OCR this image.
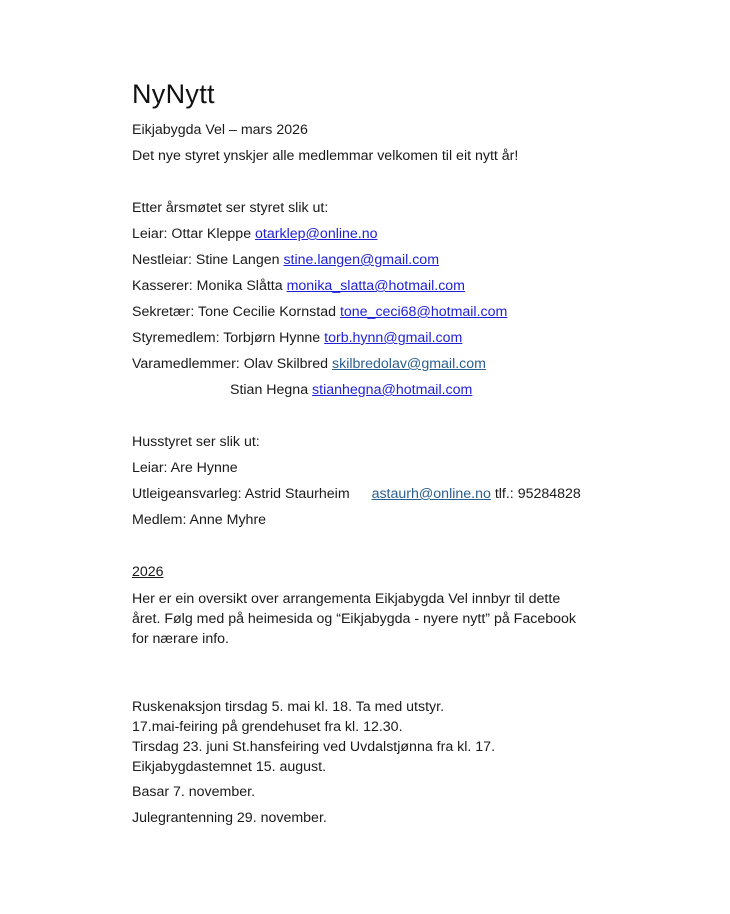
NyNytt
Eikjabygda Vel – mars 2026
Det nye styret ynskjer alle medlemmar velkomen til eit nytt år!
Etter årsmøtet ser styret slik ut:
Leiar: Ottar Kleppe otarklep@online.no
Nestleiar: Stine Langen stine.langen@gmail.com
Kasserer: Monika Slåtta monika_slatta@hotmail.com
Sekretær: Tone Cecilie Kornstad tone_ceci68@hotmail.com
Styremedlem: Torbjørn Hynne torb.hynn@gmail.com
Varamedlemmer: Olav Skilbred skilbredolav@gmail.com
Stian Hegna stianhegna@hotmail.com
Husstyret ser slik ut:
Leiar: Are Hynne
Utleigeansvarleg: Astrid Staurheim astaurh@online.no tlf.: 95284828
Medlem: Anne Myhre
2026
Her er ein oversikt over arrangementa Eikjabygda Vel innbyr til dette året. Følg med på heimesida og “Eikjabygda - nyere nytt” på Facebook for nærare info.
Ruskenaksjon tirsdag 5. mai kl. 18. Ta med utstyr.
17.mai-feiring på grendehuset fra kl. 12.30.
Tirsdag 23. juni St.hansfeiring ved Uvdalstjønna fra kl. 17.
Eikjabygdastemnet 15. august.
Basar 7. november.
Julegrantenning 29. november.
